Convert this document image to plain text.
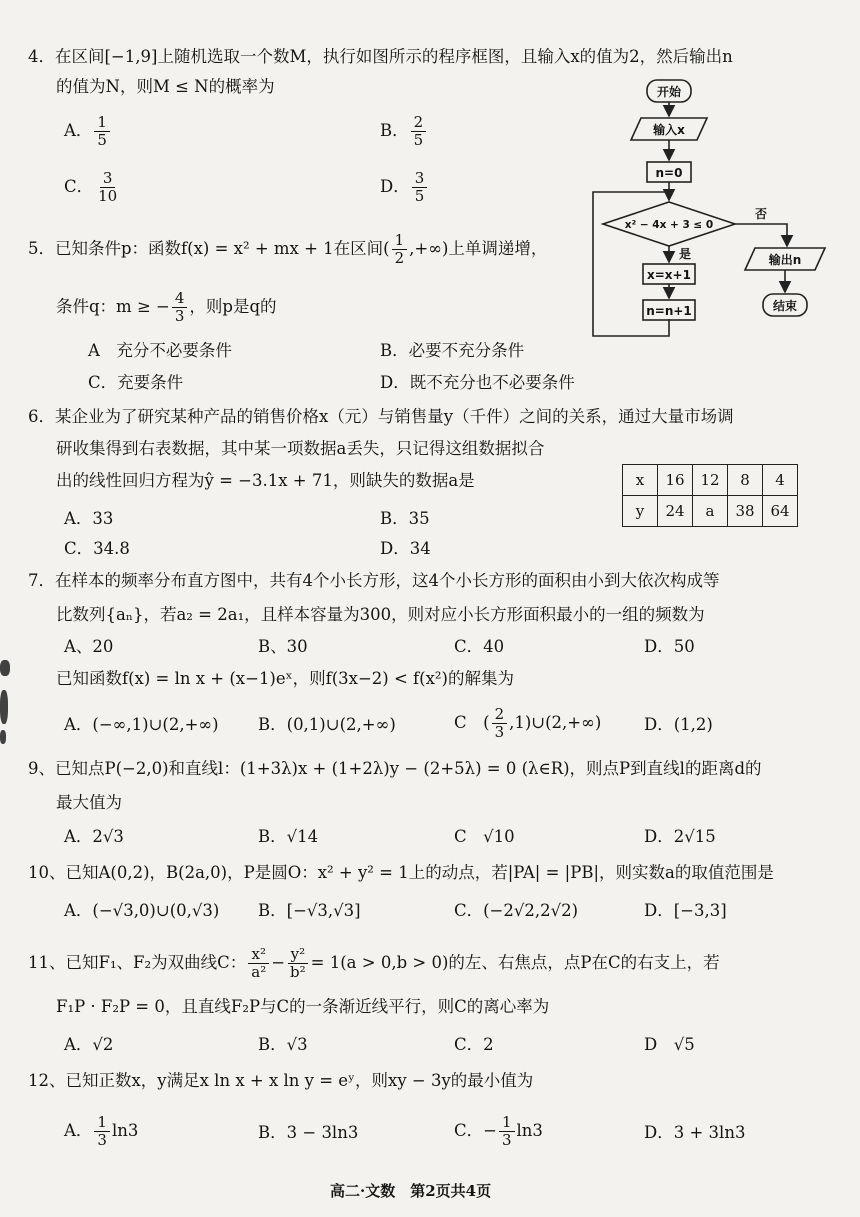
4．在区间[−1,9]上随机选取一个数M，执行如图所示的程序框图，且输入x的值为2，然后输出n
的值为N，则M ≤ N的概率为
A． $\frac{1}{5}$	B． $\frac{2}{5}$
C． $\frac{3}{10}$	D． $\frac{3}{5}$
开始
输入x
n=0
x² − 4x + 3 ≤ 0
否
是
x=x+1
n=n+1
输出n
结束
5．已知条件p：函数f(x) = x² + mx + 1在区间( $\frac{1}{2}$ ,+∞)上单调递增，
条件q：m ≥ − $\frac{4}{3}$ ，则p是q的
A　充分不必要条件	B．必要不充分条件
C．充要条件	D．既不充分也不必要条件
6．某企业为了研究某种产品的销售价格x（元）与销售量y（千件）之间的关系，通过大量市场调
研收集得到右表数据，其中某一项数据a丢失，只记得这组数据拟合
出的线性回归方程为ŷ = −3.1x + 71，则缺失的数据a是
A．33	B．35
C．34.8	D．34
x	16	12	8	4
y	24	a	38	64
7．在样本的频率分布直方图中，共有4个小长方形，这4个小长方形的面积由小到大依次构成等
比数列{aₙ}，若a₂ = 2a₁，且样本容量为300，则对应小长方形面积最小的一组的频数为
A、20	B、30	C．40	D．50
已知函数f(x) = ln x + (x−1)eˣ，则f(3x−2) < f(x²)的解集为
A．(−∞,1)∪(2,+∞) B．(0,1)∪(2,+∞)	C　( $\frac{2}{3}$ ,1)∪(2,+∞)	D．(1,2)
9、已知点P(−2,0)和直线l：(1+3λ)x + (1+2λ)y − (2+5λ) = 0 (λ∈R)，则点P到直线l的距离d的
最大值为
A．2√3	B．√14	C　√10	D．2√15
10、已知A(0,2)，B(2a,0)，P是圆O：x² + y² = 1上的动点，若|PA| = |PB|，则实数a的取值范围是
A．(−√3,0)∪(0,√3) B．[−√3,√3]	C．(−2√2,2√2)	D．[−3,3]
11、已知F₁、F₂为双曲线C： $\frac{\text{x²}}{\text{a²}} - \frac{\text{y²}}{\text{b²}} = 1(a > 0,b > 0)$的左、右焦点，点P在C的右支上，若
F₁P · F₂P = 0，且直线F₂P与C的一条渐近线平行，则C的离心率为
A．√2	B．√3	C．2	D　√5
12、已知正数x，y满足x ln x + x ln y = eʸ，则xy − 3y的最小值为
A． $\frac{1}{3} \ln 3$	B．3 − 3ln3	C．− $\frac{1}{3} \ln 3$	D．3 + 3ln3
高二·文数　第2页共4页
